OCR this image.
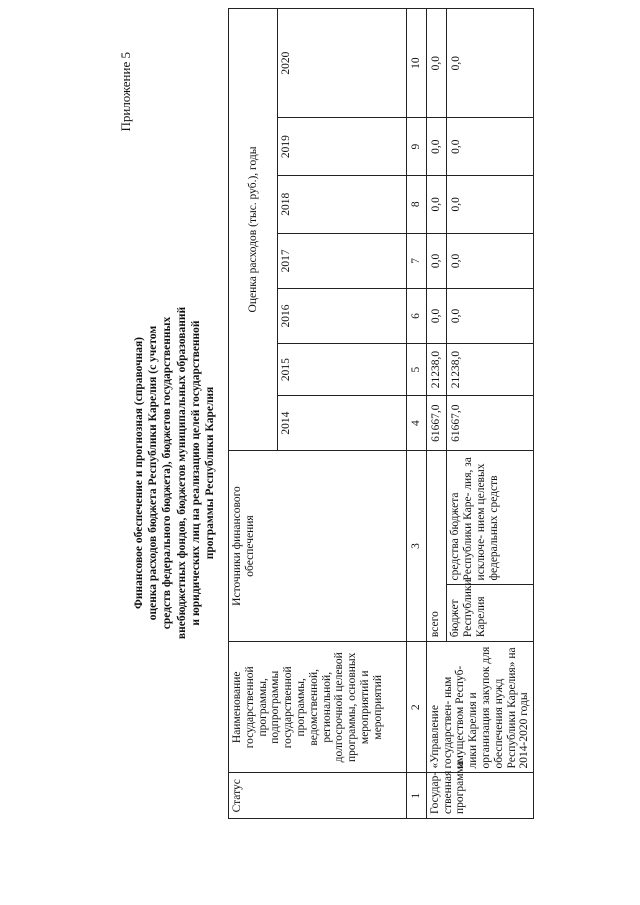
Приложение 5
Финансовое обеспечение и прогнозная (справочная) оценка расходов бюджета Республики Карелия (с учетом средств федерального бюджета), бюджетов государственных внебюджетных фондов, бюджетов муниципальных образований и юридических лиц на реализацию целей государственной программы Республики Карелия
Статус	Наименование государственной программы, подпрограммы государственной программы, ведомственной, региональной, долгосрочной целевой программы, основных мероприятий и мероприятий	Источники финансового обеспечения		Оценка расходов (тыс. руб.), годы						
				2014	2015	2016	2017	2018	2019	2020
1	2	3		4	5	6	7	8	9	10
Государ- ственная программа	«Управление государствен- ным имуществом Респуб- лики Карелия и организация закупок для обеспечения нужд Республики Карелия» на 2014-2020 годы	всего		61667,0	21238,0	0,0	0,0	0,0	0,0	0,0
		бюджет Республики Карелия	средства бюджета Республики Каре- лия, за исключе- нием целевых федеральных средств	61667,0	21238,0	0,0	0,0	0,0	0,0	0,0
